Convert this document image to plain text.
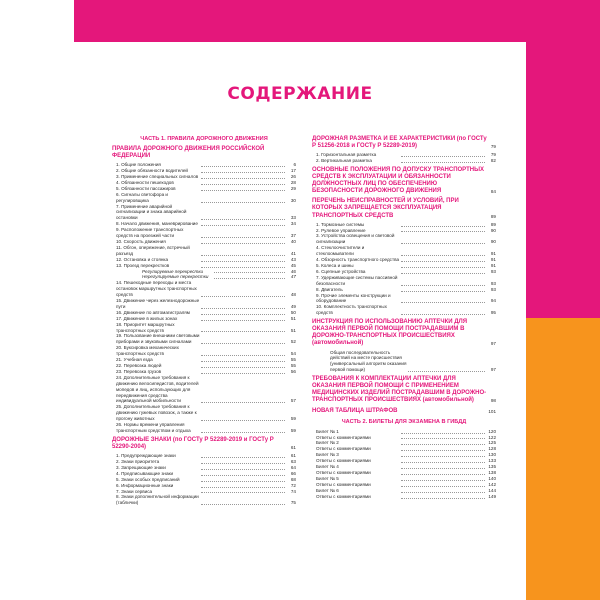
СОДЕРЖАНИЕ
ЧАСТЬ 1. ПРАВИЛА ДОРОЖНОГО ДВИЖЕНИЯ
ПРАВИЛА ДОРОЖНОГО ДВИЖЕНИЯ РОССИЙСКОЙ ФЕДЕРАЦИИ
1. Общие положения	6
2. Общие обязанности водителей	17
3. Применение специальных сигналов	26
4. Обязанности пешеходов	28
5. Обязанности пассажиров	29
6. Сигналы светофора и регулировщика	30
7. Применение аварийной сигнализации и знака аварийной остановки	33
8. Начало движения, маневрирование	34
9. Расположение транспортных средств на проезжей части	37
10. Скорость движения	40
11. Обгон, опережение, встречный разъезд	41
12. Остановка и стоянка	43
13. Проезд перекрестков	45
Регулируемые перекрестки	46
Нерегулируемые перекрестки	47
14. Пешеходные переходы и места остановок маршрутных транспортных средств	48
15. Движение через железнодорожные пути	49
16. Движение по автомагистралям	50
17. Движение в жилых зонах	51
18. Приоритет маршрутных транспортных средств	51
19. Пользование внешними световыми приборами и звуковыми сигналами	52
20. Буксировка механических транспортных средств	54
21. Учебная езда	55
22. Перевозка людей	55
23. Перевозка грузов	56
24. Дополнительные требования к движению велосипедистов, водителей мопедов и лиц, использующих для передвижения средства индивидуальной мобильности	57
25. Дополнительные требования к движению гужевых повозок, а также к прогону животных	59
26. Нормы времени управления транспортным средством и отдыха	59
ДОРОЖНЫЕ ЗНАКИ (по ГОСТу Р 52289-2019 и ГОСТу Р 52290-2004)	61
1. Предупреждающие знаки	61
2. Знаки приоритета	63
3. Запрещающие знаки	64
4. Предписывающие знаки	66
5. Знаки особых предписаний	68
6. Информационные знаки	72
7. Знаки сервиса	74
8. Знаки дополнительной информации (таблички)	75
ДОРОЖНАЯ РАЗМЕТКА И ЕЕ ХАРАКТЕРИСТИКИ (по ГОСТу Р 51256-2018 и ГОСТу Р 52289-2019)	79
1. Горизонтальная разметка	79
2. Вертикальная разметка	82
ОСНОВНЫЕ ПОЛОЖЕНИЯ ПО ДОПУСКУ ТРАНСПОРТНЫХ СРЕДСТВ К ЭКСПЛУАТАЦИИ И ОБЯЗАННОСТИ ДОЛЖНОСТНЫХ ЛИЦ ПО ОБЕСПЕЧЕНИЮ БЕЗОПАСНОСТИ ДОРОЖНОГО ДВИЖЕНИЯ	84
ПЕРЕЧЕНЬ НЕИСПРАВНОСТЕЙ И УСЛОВИЙ, ПРИ КОТОРЫХ ЗАПРЕЩАЕТСЯ ЭКСПЛУАТАЦИЯ ТРАНСПОРТНЫХ СРЕДСТВ	89
1. Тормозные системы	89
2. Рулевое управление	90
3. Устройства освещения и световой сигнализации	90
4. Стеклоочистители и стеклоомыватели	91
4. Обзорность транспортного средства	91
5. Колеса и шины	91
6. Сцепные устройства	93
7. Удерживающие системы пассивной безопасности	93
8. Двигатель	93
9. Прочие элементы конструкции и оборудование	94
10. Комплектность транспортных средств	95
ИНСТРУКЦИЯ ПО ИСПОЛЬЗОВАНИЮ АПТЕЧКИ ДЛЯ ОКАЗАНИЯ ПЕРВОЙ ПОМОЩИ ПОСТРАДАВШИМ В ДОРОЖНО-ТРАНСПОРТНЫХ ПРОИСШЕСТВИЯХ (автомобильной)	97
Общая последовательность действий на месте происшествия (универсальный алгоритм оказания первой помощи)	97
ТРЕБОВАНИЯ К КОМПЛЕКТАЦИИ АПТЕЧКИ ДЛЯ ОКАЗАНИЯ ПЕРВОЙ ПОМОЩИ С ПРИМЕНЕНИЕМ МЕДИЦИНСКИХ ИЗДЕЛИЙ ПОСТРАДАВШИМ В ДОРОЖНО-ТРАНСПОРТНЫХ ПРОИСШЕСТВИЯХ (автомобильной)	98
НОВАЯ ТАБЛИЦА ШТРАФОВ	101
ЧАСТЬ 2. БИЛЕТЫ ДЛЯ ЭКЗАМЕНА В ГИБДД
Билет № 1	120
Ответы с комментариями	122
Билет № 2	125
Ответы с комментариями	128
Билет № 3	130
Ответы с комментариями	133
Билет № 4	135
Ответы с комментариями	138
Билет № 5	140
Ответы с комментариями	142
Билет № 6	144
Ответы с комментариями	149
